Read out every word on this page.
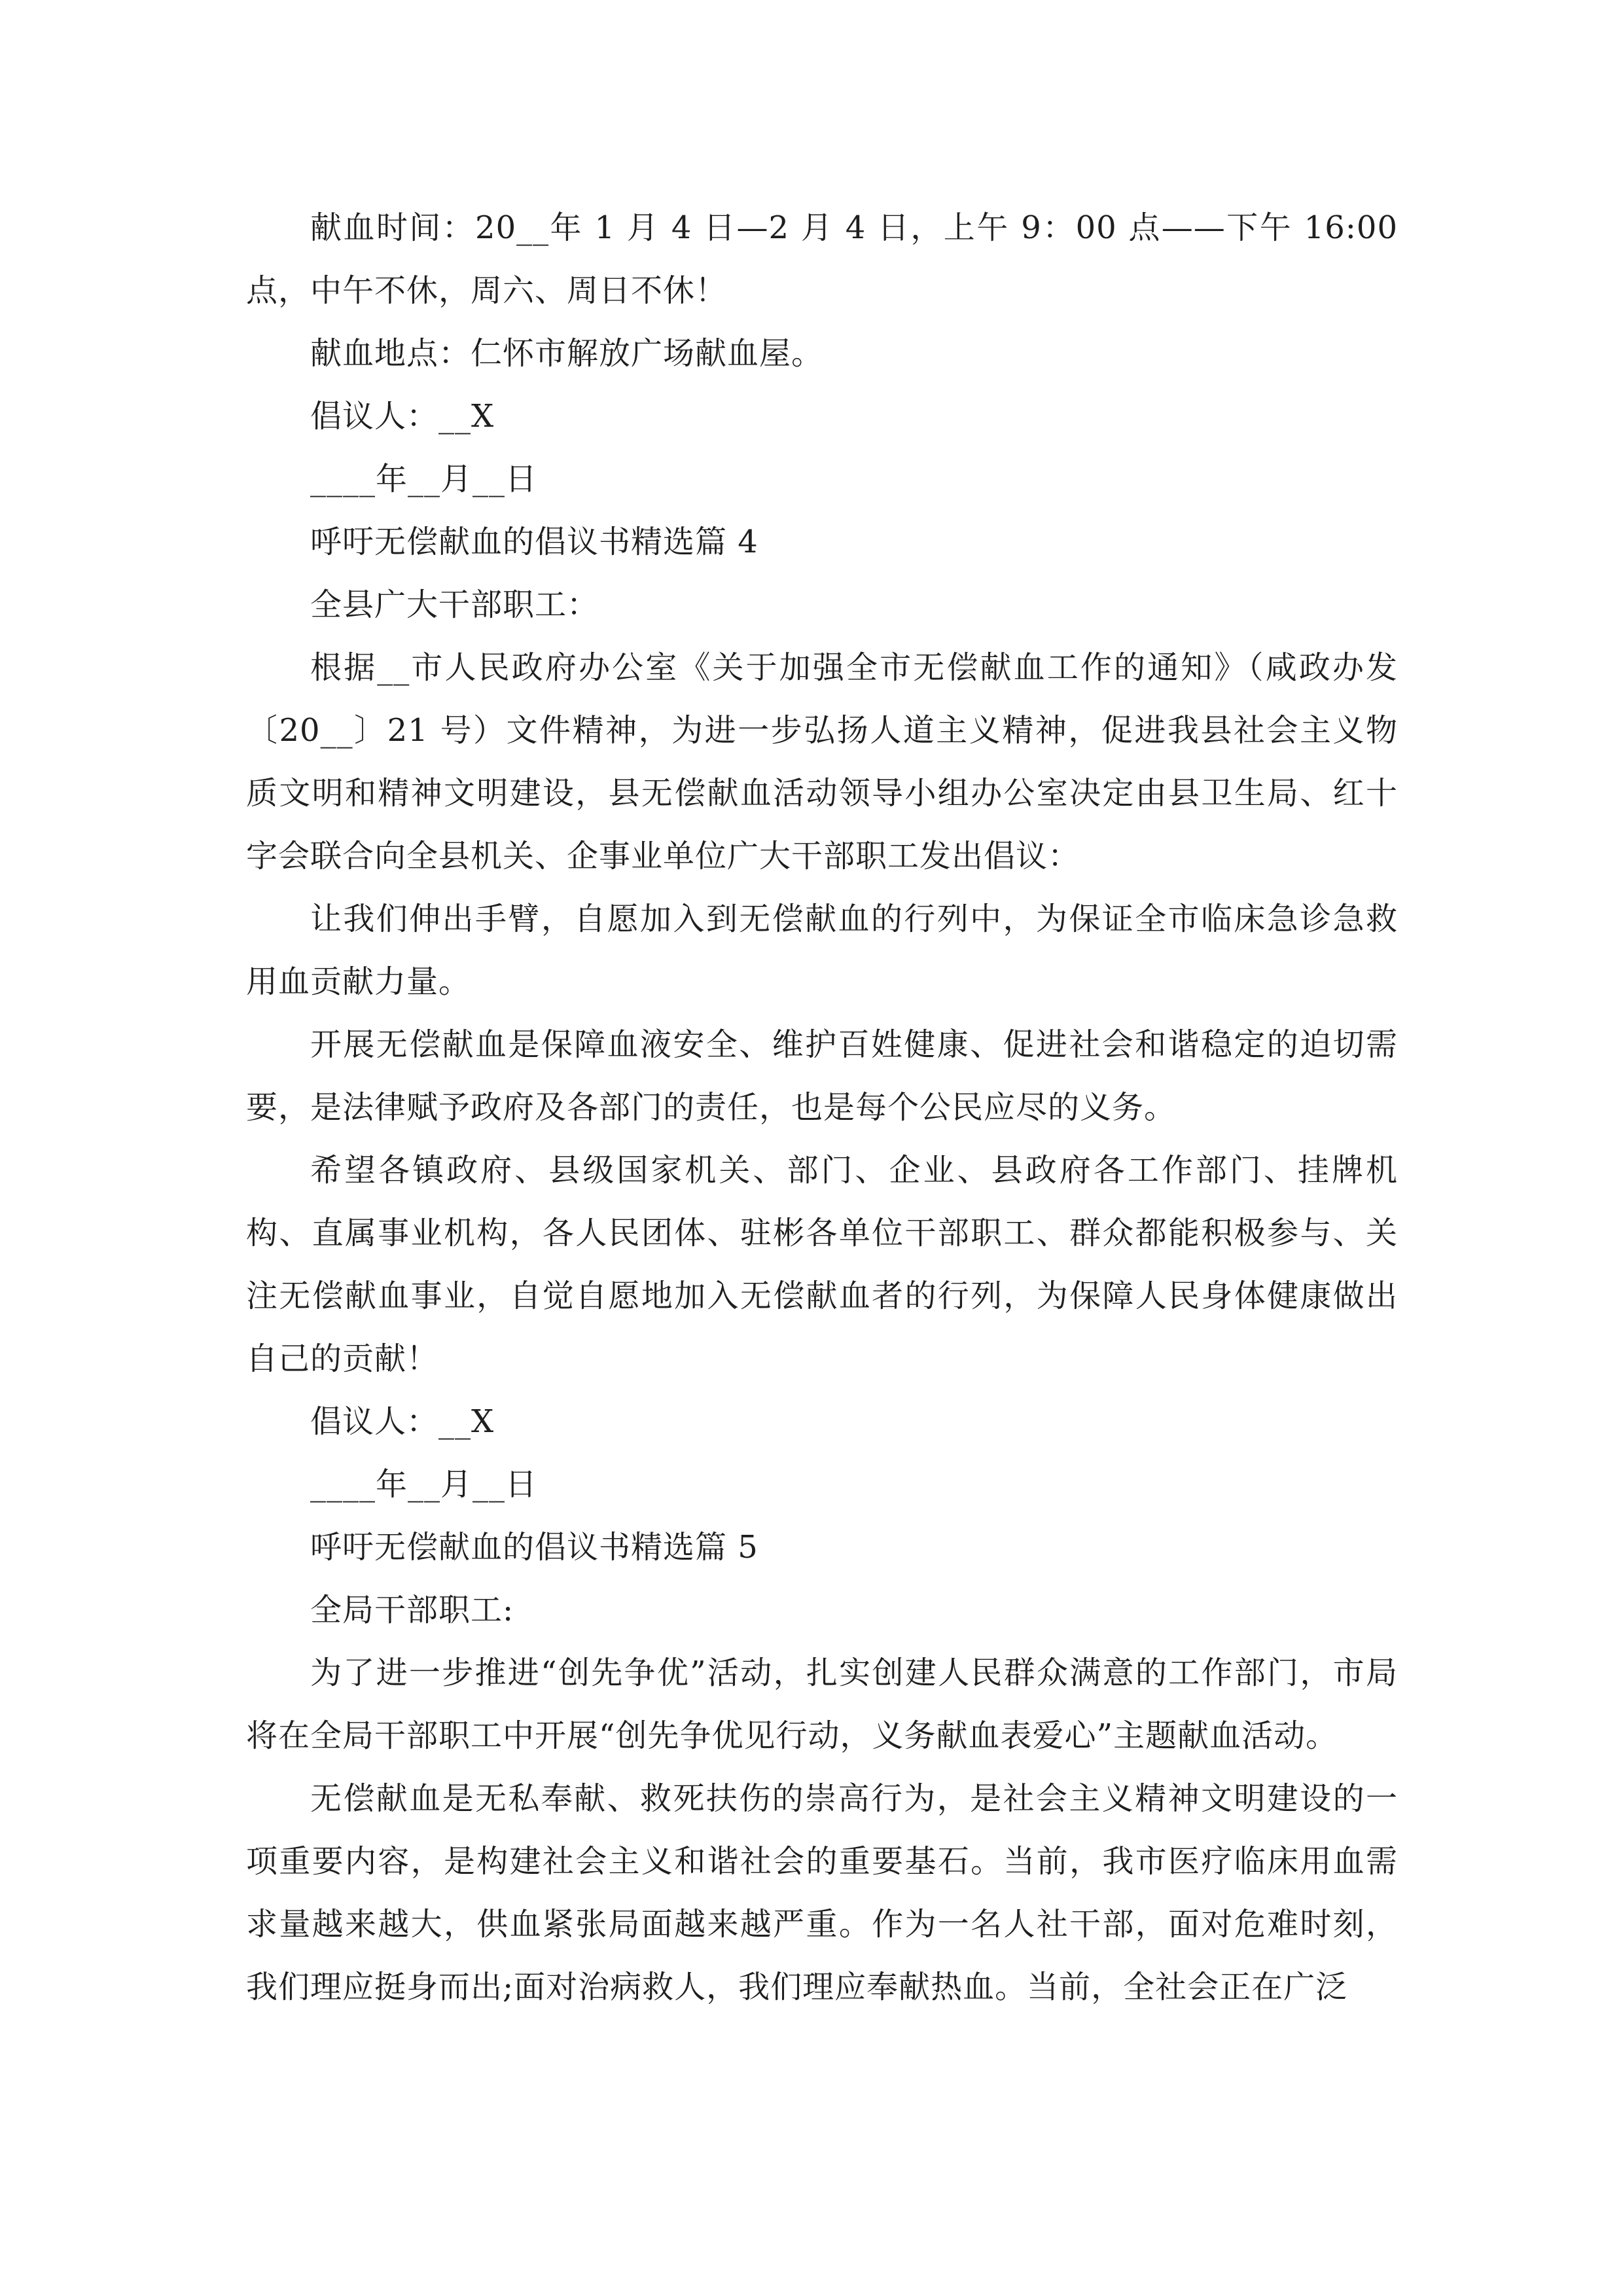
献血时间：20__年 1 月 4 日—2 月 4 日，上午 9：00 点——下午 16:00 点，中午不休，周六、周日不休！

献血地点：仁怀市解放广场献血屋。

倡议人：__X

____年__月__日

呼吁无偿献血的倡议书精选篇 4

全县广大干部职工：

根据__市人民政府办公室《关于加强全市无偿献血工作的通知》（咸政办发〔20__〕21 号）文件精神，为进一步弘扬人道主义精神，促进我县社会主义物质文明和精神文明建设，县无偿献血活动领导小组办公室决定由县卫生局、红十字会联合向全县机关、企事业单位广大干部职工发出倡议：

让我们伸出手臂，自愿加入到无偿献血的行列中，为保证全市临床急诊急救用血贡献力量。

开展无偿献血是保障血液安全、维护百姓健康、促进社会和谐稳定的迫切需要，是法律赋予政府及各部门的责任，也是每个公民应尽的义务。

希望各镇政府、县级国家机关、部门、企业、县政府各工作部门、挂牌机构、直属事业机构，各人民团体、驻彬各单位干部职工、群众都能积极参与、关注无偿献血事业，自觉自愿地加入无偿献血者的行列，为保障人民身体健康做出自己的贡献！

倡议人：__X

____年__月__日

呼吁无偿献血的倡议书精选篇 5

全局干部职工:

为了进一步推进“创先争优”活动，扎实创建人民群众满意的工作部门，市局将在全局干部职工中开展“创先争优见行动，义务献血表爱心”主题献血活动。

无偿献血是无私奉献、救死扶伤的崇高行为，是社会主义精神文明建设的一项重要内容，是构建社会主义和谐社会的重要基石。当前，我市医疗临床用血需求量越来越大，供血紧张局面越来越严重。作为一名人社干部，面对危难时刻，我们理应挺身而出;面对治病救人，我们理应奉献热血。当前，全社会正在广泛
